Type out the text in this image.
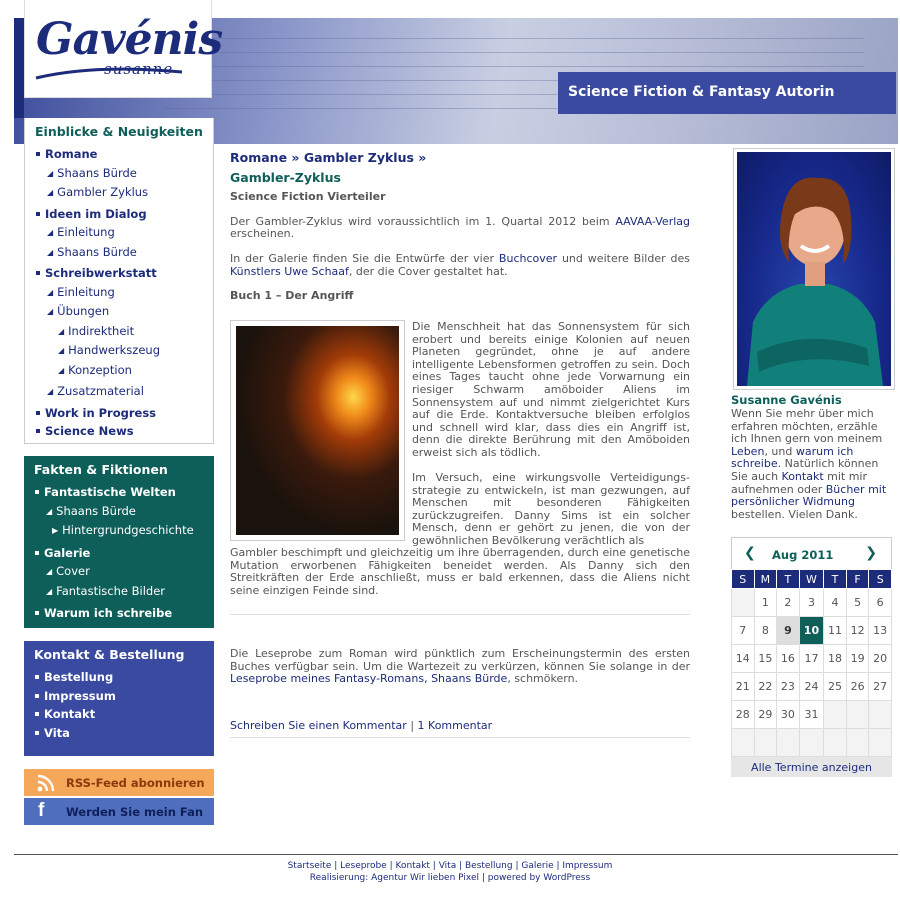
Gavénis
susanne
Science Fiction & Fantasy Autorin
Einblicke & Neuigkeiten
Romane
◢ Shaans Bürde
◢ Gambler Zyklus
Ideen im Dialog
◢ Einleitung
◢ Shaans Bürde
Schreibwerkstatt
◢ Einleitung
◢ Übungen
◢ Indirektheit
◢ Handwerkszeug
◢ Konzeption
◢ Zusatzmaterial
Work in Progress
Science News
Fakten & Fiktionen
Fantastische Welten
◢ Shaans Bürde
▶ Hintergrundgeschichte
Galerie
◢ Cover
◢ Fantastische Bilder
Warum ich schreibe
Kontakt & Bestellung
Bestellung
Impressum
Kontakt
Vita
RSS-Feed abonnieren
Werden Sie mein Fan
f
Romane » Gambler Zyklus »
Gambler-Zyklus
Science Fiction Vierteiler
Der Gambler-Zyklus wird voraussichtlich im 1. Quartal 2012 beim AAVAA-Verlag erscheinen.
In der Galerie finden Sie die Entwürfe der vier Buchcover und weitere Bilder des Künstlers Uwe Schaaf, der die Cover gestaltet hat.
Buch 1 – Der Angriff
Die Menschheit hat das Sonnensystem für sich erobert und bereits einige Kolonien auf neuen Planeten gegründet, ohne je auf andere intelligente Lebensformen getroffen zu sein. Doch eines Tages taucht ohne jede Vorwarnung ein riesiger Schwarm amöboider Aliens im Sonnensystem auf und nimmt zielgerichtet Kurs auf die Erde. Kontaktversuche bleiben erfolglos und schnell wird klar, dass dies ein Angriff ist, denn die direkte Berührung mit den Amöboiden erweist sich als tödlich.
Im Versuch, eine wirkungsvolle Verteidigungs-strategie zu entwickeln, ist man gezwungen, auf Menschen mit besonderen Fähigkeiten zurückzugreifen. Danny Sims ist ein solcher Mensch, denn er gehört zu jenen, die von der gewöhnlichen Bevölkerung verächtlich als
Gambler beschimpft und gleichzeitig um ihre überragenden, durch eine genetische Mutation erworbenen Fähigkeiten beneidet werden. Als Danny sich den Streitkräften der Erde anschließt, muss er bald erkennen, dass die Aliens nicht seine einzigen Feinde sind.
Die Leseprobe zum Roman wird pünktlich zum Erscheinungstermin des ersten Buches verfügbar sein. Um die Wartezeit zu verkürzen, können Sie solange in der Leseprobe meines Fantasy-Romans, Shaans Bürde, schmökern.
Schreiben Sie einen Kommentar | 1 Kommentar
Susanne Gavénis
Wenn Sie mehr über mich erfahren möchten, erzähle ich Ihnen gern von meinem Leben, und warum ich schreibe. Natürlich können Sie auch Kontakt mit mir aufnehmen oder Bücher mit persönlicher Widmung bestellen. Vielen Dank.
❮ Aug 2011 ❯
S	M	T	W	T	F	S
	1	2	3	4	5	6
7	8	9	10	11	12	13
14	15	16	17	18	19	20
21	22	23	24	25	26	27
28	29	30	31			

Alle Termine anzeigen
Startseite | Leseprobe | Kontakt | Vita | Bestellung | Galerie | Impressum
Realisierung: Agentur Wir lieben Pixel | powered by WordPress
